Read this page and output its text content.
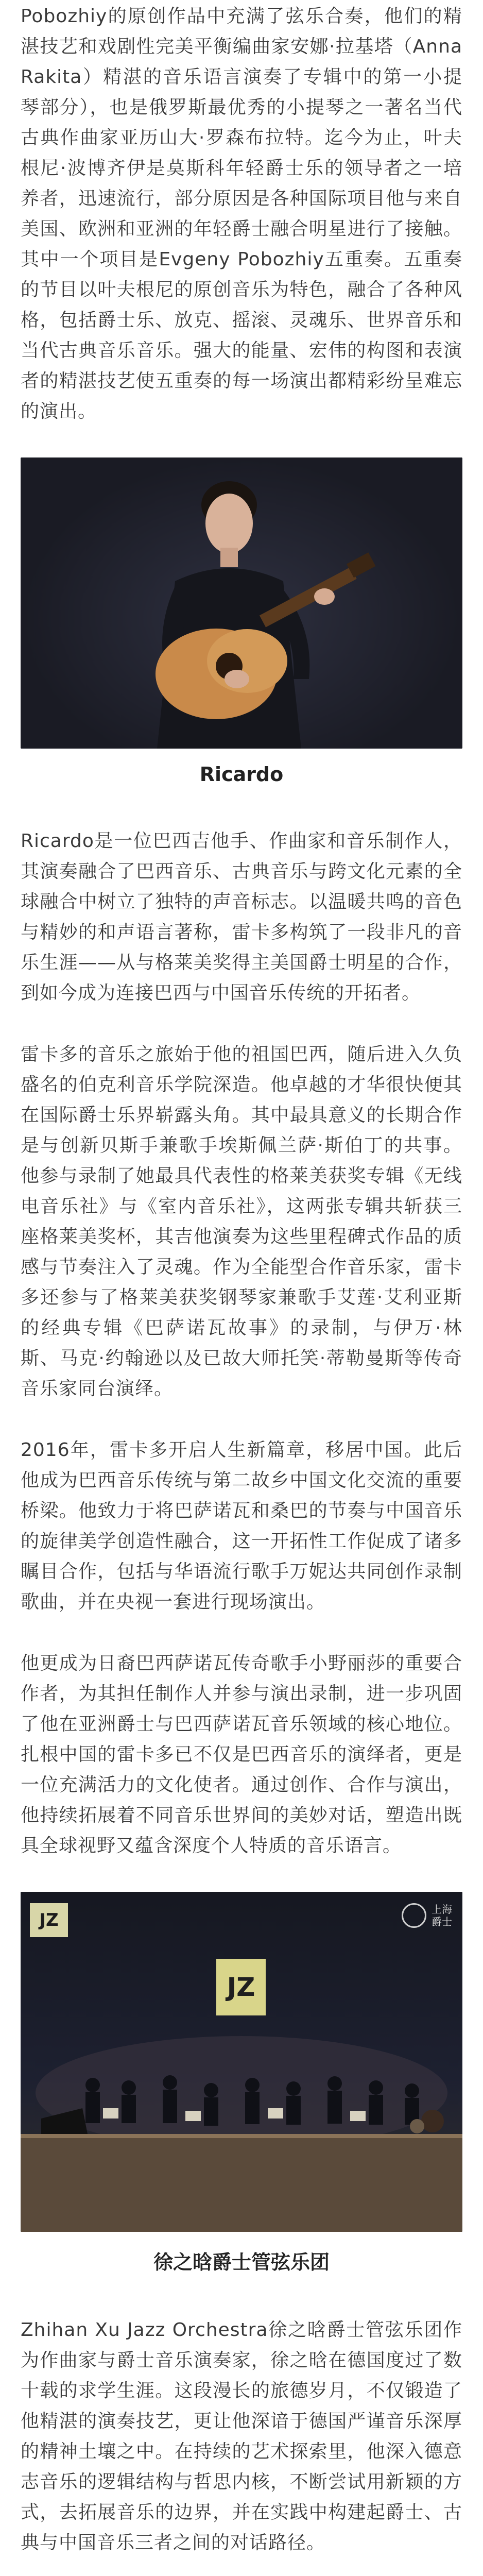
Pobozhiy的原创作品中充满了弦乐合奏，他们的精湛技艺和戏剧性完美平衡编曲家安娜·拉基塔（Anna Rakita）精湛的音乐语言演奏了专辑中的第一小提琴部分），也是俄罗斯最优秀的小提琴之一著名当代古典作曲家亚历山大·罗森布拉特。迄今为止，叶夫根尼·波博齐伊是莫斯科年轻爵士乐的领导者之一培养者，迅速流行，部分原因是各种国际项目他与来自美国、欧洲和亚洲的年轻爵士融合明星进行了接触。其中一个项目是Evgeny Pobozhiy五重奏。五重奏的节目以叶夫根尼的原创音乐为特色，融合了各种风格，包括爵士乐、放克、摇滚、灵魂乐、世界音乐和当代古典音乐音乐。强大的能量、宏伟的构图和表演者的精湛技艺使五重奏的每一场演出都精彩纷呈难忘的演出。

Ricardo

Ricardo是一位巴西吉他手、作曲家和音乐制作人，其演奏融合了巴西音乐、古典音乐与跨文化元素的全球融合中树立了独特的声音标志。以温暖共鸣的音色与精妙的和声语言著称，雷卡多构筑了一段非凡的音乐生涯——从与格莱美奖得主美国爵士明星的合作，到如今成为连接巴西与中国音乐传统的开拓者。

雷卡多的音乐之旅始于他的祖国巴西，随后进入久负盛名的伯克利音乐学院深造。他卓越的才华很快便其在国际爵士乐界崭露头角。其中最具意义的长期合作是与创新贝斯手兼歌手埃斯佩兰萨·斯伯丁的共事。他参与录制了她最具代表性的格莱美获奖专辑《无线电音乐社》与《室内音乐社》，这两张专辑共斩获三座格莱美奖杯，其吉他演奏为这些里程碑式作品的质感与节奏注入了灵魂。作为全能型合作音乐家，雷卡多还参与了格莱美获奖钢琴家兼歌手艾莲·艾利亚斯的经典专辑《巴萨诺瓦故事》的录制，与伊万·林斯、马克·约翰逊以及已故大师托笑·蒂勒曼斯等传奇音乐家同台演绎。

2016年，雷卡多开启人生新篇章，移居中国。此后他成为巴西音乐传统与第二故乡中国文化交流的重要桥梁。他致力于将巴萨诺瓦和桑巴的节奏与中国音乐的旋律美学创造性融合，这一开拓性工作促成了诸多瞩目合作，包括与华语流行歌手万妮达共同创作录制歌曲，并在央视一套进行现场演出。

他更成为日裔巴西萨诺瓦传奇歌手小野丽莎的重要合作者，为其担任制作人并参与演出录制，进一步巩固了他在亚洲爵士与巴西萨诺瓦音乐领域的核心地位。扎根中国的雷卡多已不仅是巴西音乐的演绎者，更是一位充满活力的文化使者。通过创作、合作与演出，他持续拓展着不同音乐世界间的美妙对话，塑造出既具全球视野又蕴含深度个人特质的音乐语言。

JZ
上海
爵士
JZ
徐之晗爵士管弦乐团

Zhihan Xu Jazz Orchestra徐之晗爵士管弦乐团作为作曲家与爵士音乐演奏家，徐之晗在德国度过了数十载的求学生涯。这段漫长的旅德岁月，不仅锻造了他精湛的演奏技艺，更让他深谙于德国严谨音乐深厚的精神土壤之中。在持续的艺术探索里，他深入德意志音乐的逻辑结构与哲思内核，不断尝试用新颖的方式，去拓展音乐的边界，并在实践中构建起爵士、古典与中国音乐三者之间的对话路径。
